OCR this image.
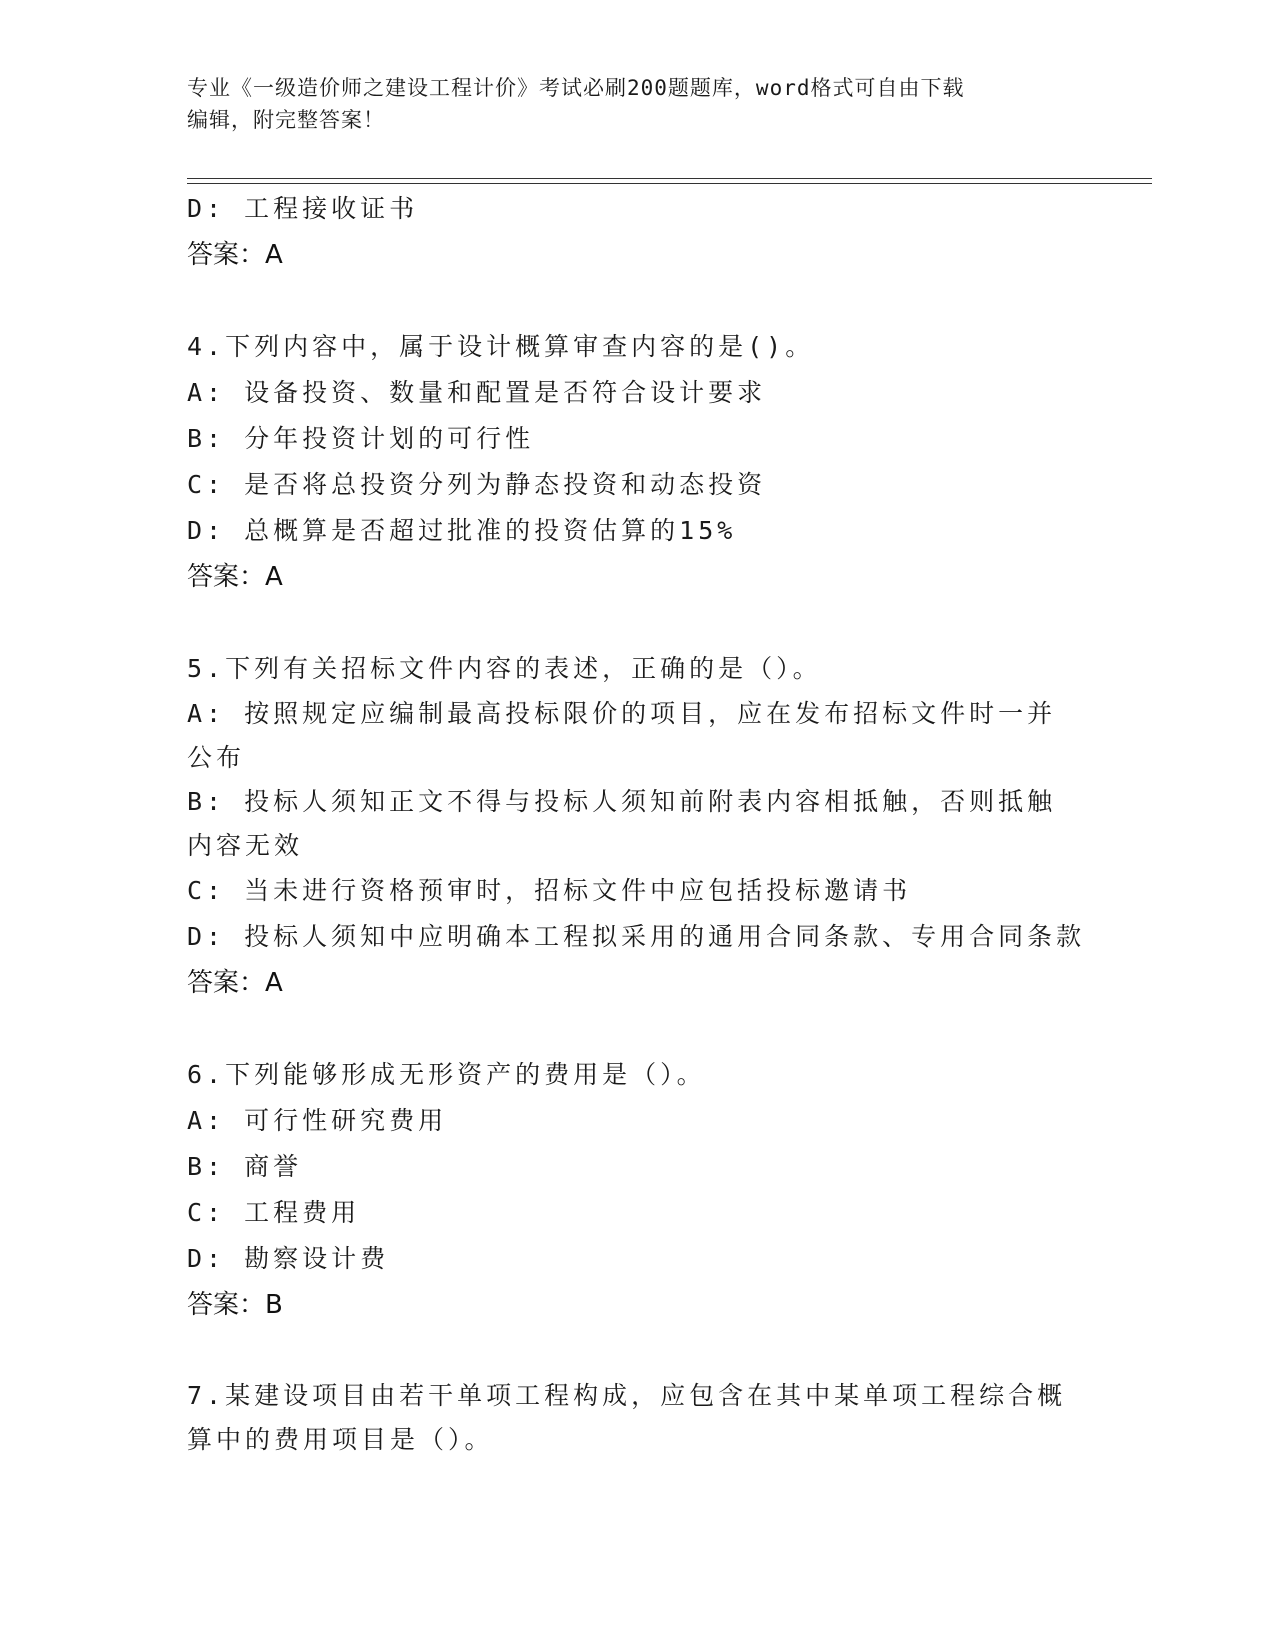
专业《一级造价师之建设工程计价》考试必刷200题题库，word格式可自由下载
编辑，附完整答案！
D: 工程接收证书
答案：A
4.下列内容中，属于设计概算审查内容的是()。
A: 设备投资、数量和配置是否符合设计要求
B: 分年投资计划的可行性
C: 是否将总投资分列为静态投资和动态投资
D: 总概算是否超过批准的投资估算的15%
答案：A
5.下列有关招标文件内容的表述，正确的是（）。
A: 按照规定应编制最高投标限价的项目，应在发布招标文件时一并公布
B: 投标人须知正文不得与投标人须知前附表内容相抵触，否则抵触内容无效
C: 当未进行资格预审时，招标文件中应包括投标邀请书
D: 投标人须知中应明确本工程拟采用的通用合同条款、专用合同条款
答案：A
6.下列能够形成无形资产的费用是（）。
A: 可行性研究费用
B: 商誉
C: 工程费用
D: 勘察设计费
答案：B
7.某建设项目由若干单项工程构成，应包含在其中某单项工程综合概算中的费用项目是（）。
